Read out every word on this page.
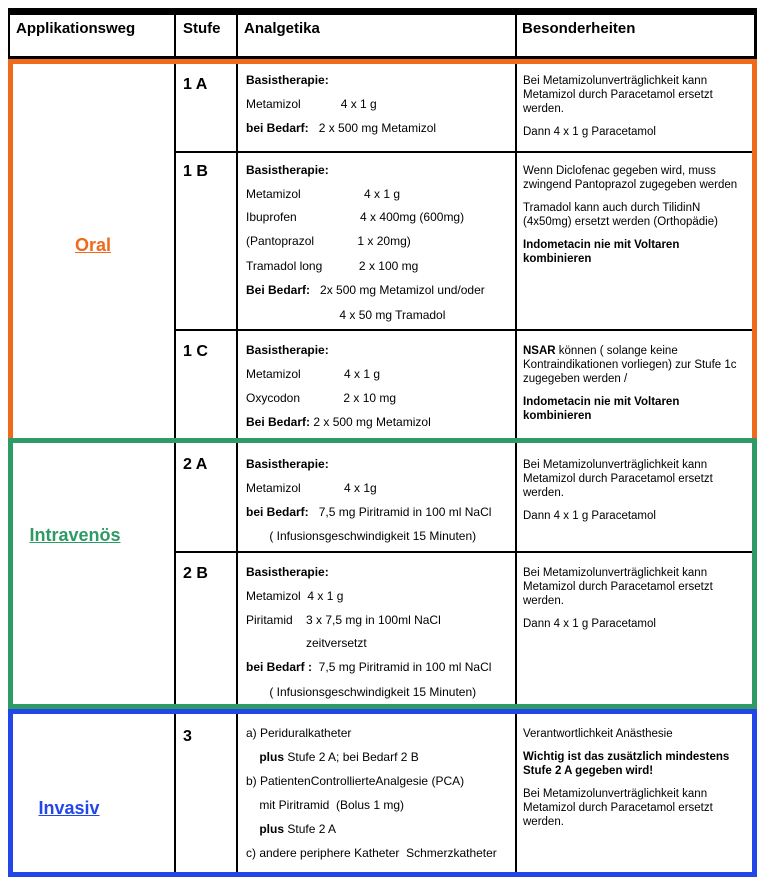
Applikationsweg	Stufe Analgetika	Besonderheiten
Oral
Intravenös
Invasiv
1 A
1 B
1 C
2 A
2 B
3
Basistherapie:
Metamizol            4 x 1 g
bei Bedarf:   2 x 500 mg Metamizol
Basistherapie:
Metamizol                   4 x 1 g
Ibuprofen                   4 x 400mg (600mg)
(Pantoprazol             1 x 20mg)
Tramadol long           2 x 100 mg
Bei Bedarf:   2x 500 mg Metamizol und/oder
4 x 50 mg Tramadol
Basistherapie:
Metamizol             4 x 1 g
Oxycodon             2 x 10 mg
Bei Bedarf: 2 x 500 mg Metamizol
Basistherapie:
Metamizol             4 x 1g
bei Bedarf:   7,5 mg Piritramid in 100 ml NaCl
( Infusionsgeschwindigkeit 15 Minuten)
Basistherapie:
Metamizol  4 x 1 g
Piritamid    3 x 7,5 mg in 100ml NaCl
zeitversetzt
bei Bedarf :  7,5 mg Piritramid in 100 ml NaCl
( Infusionsgeschwindigkeit 15 Minuten)
a) Periduralkatheter
plus Stufe 2 A; bei Bedarf 2 B
b) PatientenControllierteAnalgesie (PCA)
mit Piritramid  (Bolus 1 mg)
plus Stufe 2 A
c) andere periphere Katheter  Schmerzkatheter

Bei Metamizolunverträglichkeit kann Metamizol durch Paracetamol ersetzt werden.

Dann 4 x 1 g Paracetamol

Wenn Diclofenac gegeben wird, muss zwingend Pantoprazol zugegeben werden

Tramadol kann auch durch TilidinN (4x50mg) ersetzt werden (Orthopädie)

Indometacin nie mit Voltaren kombinieren

NSAR können ( solange keine Kontraindikationen vorliegen) zur Stufe 1c zugegeben werden /

Indometacin nie mit Voltaren kombinieren

Bei Metamizolunverträglichkeit kann Metamizol durch Paracetamol ersetzt werden.

Dann 4 x 1 g Paracetamol

Bei Metamizolunverträglichkeit kann Metamizol durch Paracetamol ersetzt werden.

Dann 4 x 1 g Paracetamol

Verantwortlichkeit Anästhesie

Wichtig ist das zusätzlich mindestens Stufe 2 A gegeben wird!

Bei Metamizolunverträglichkeit kann Metamizol durch Paracetamol ersetzt werden.
